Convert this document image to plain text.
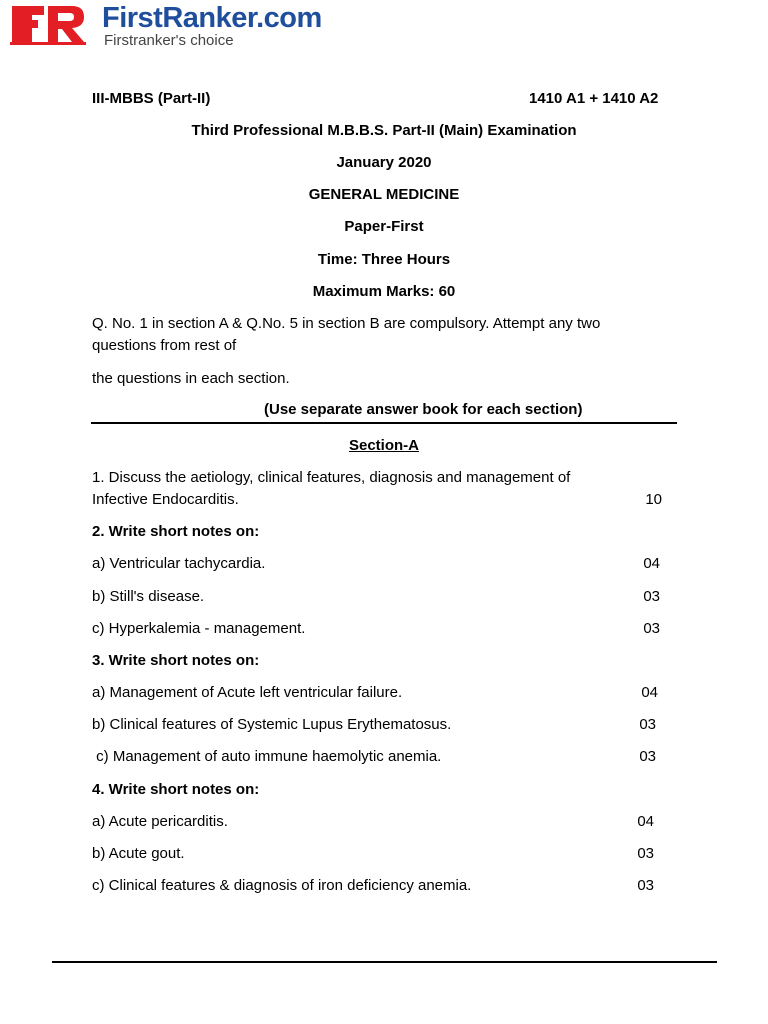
FirstRanker.com
Firstranker's choice
III-MBBS (Part-II)	1410 A1 + 1410 A2
Third Professional M.B.B.S. Part-II (Main) Examination
January 2020
GENERAL MEDICINE
Paper-First
Time: Three Hours
Maximum Marks: 60
Q. No. 1 in section A & Q.No. 5 in section B are compulsory. Attempt any two
questions from rest of
the questions in each section.
(Use separate answer book for each section)
Section-A
1. Discuss the aetiology, clinical features, diagnosis and management of
Infective Endocarditis.	10
2. Write short notes on:
a) Ventricular tachycardia.	04
b) Still's disease.	03
c) Hyperkalemia - management.	03
3. Write short notes on:
a) Management of Acute left ventricular failure.	04
b) Clinical features of Systemic Lupus Erythematosus.	03
c) Management of auto immune haemolytic anemia.	03
4. Write short notes on:
a) Acute pericarditis.	04
b) Acute gout.	03
c) Clinical features & diagnosis of iron deficiency anemia.	03
